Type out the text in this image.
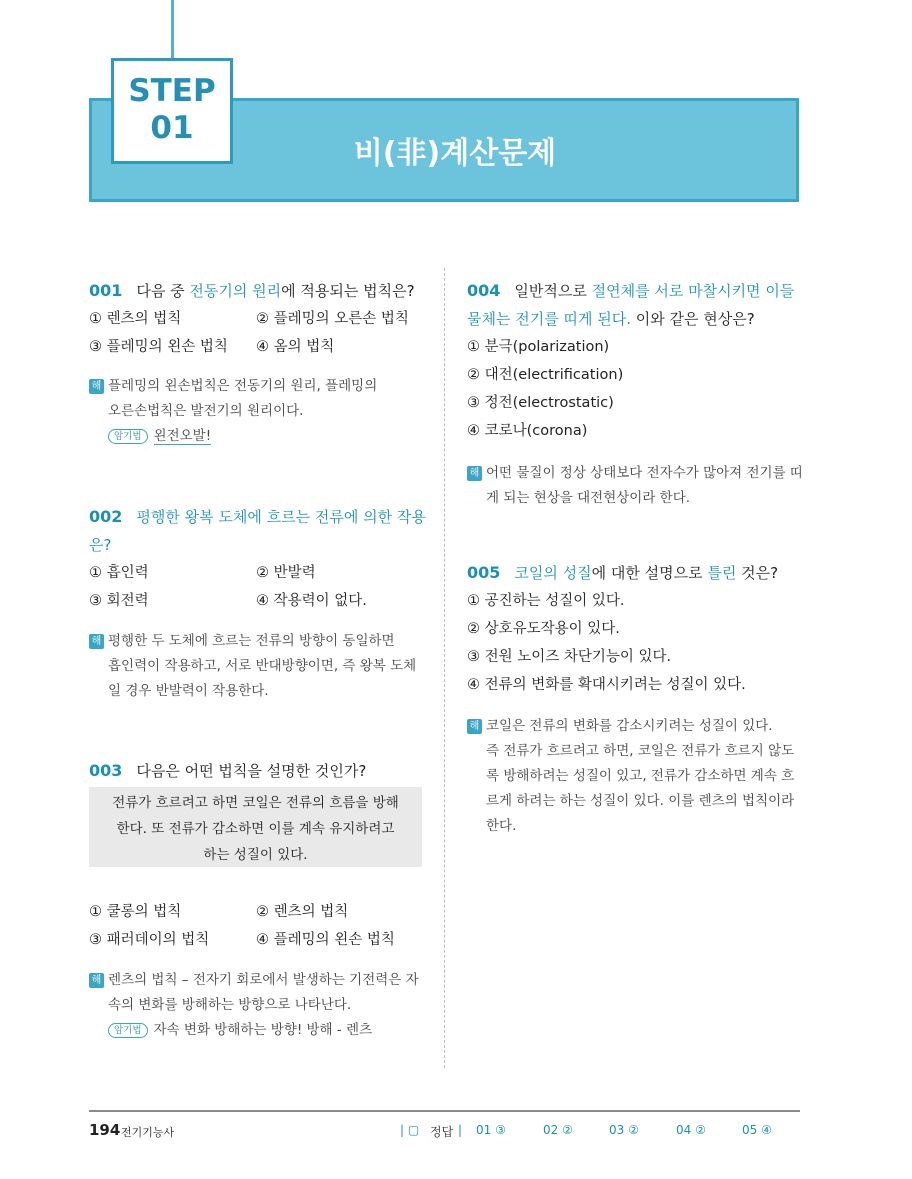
STEP
01
비(非)계산문제
001 다음 중 전동기의 원리에 적용되는 법칙은?
① 렌츠의 법칙	② 플레밍의 오른손 법칙
③ 플레밍의 왼손 법칙 ④ 옴의 법칙
해 플레밍의 왼손법칙은 전동기의 원리, 플레밍의
오른손법칙은 발전기의 원리이다.
암기법 왼전오발!
002 평행한 왕복 도체에 흐르는 전류에 의한 작용
은?
① 흡인력	② 반발력
③ 회전력	④ 작용력이 없다.
해 평행한 두 도체에 흐르는 전류의 방향이 동일하면
흡인력이 작용하고, 서로 반대방향이면, 즉 왕복 도체
일 경우 반발력이 작용한다.
003 다음은 어떤 법칙을 설명한 것인가?
전류가 흐르려고 하면 코일은 전류의 흐름을 방해
한다. 또 전류가 감소하면 이를 계속 유지하려고
하는 성질이 있다.
① 쿨롱의 법칙	② 렌츠의 법칙
③ 패러데이의 법칙	④ 플레밍의 왼손 법칙
해 렌츠의 법칙 – 전자기 회로에서 발생하는 기전력은 자
속의 변화를 방해하는 방향으로 나타난다.
암기법 자속 변화 방해하는 방향! 방해 - 렌츠
004 일반적으로 절연체를 서로 마찰시키면 이들
물체는 전기를 띠게 된다. 이와 같은 현상은?
① 분극(polarization)
② 대전(electrification)
③ 정전(electrostatic)
④ 코로나(corona)
해 어떤 물질이 정상 상태보다 전자수가 많아져 전기를 띠
게 되는 현상을 대전현상이라 한다.
005 코일의 성질에 대한 설명으로 틀린 것은?
① 공진하는 성질이 있다.
② 상호유도작용이 있다.
③ 전원 노이즈 차단기능이 있다.
④ 전류의 변화를 확대시키려는 성질이 있다.
해 코일은 전류의 변화를 감소시키려는 성질이 있다.
즉 전류가 흐르려고 하면, 코일은 전류가 흐르지 않도
록 방해하려는 성질이 있고, 전류가 감소하면 계속 흐
르게 하려는 하는 성질이 있다. 이를 렌츠의 법칙이라
한다.
194 전기기능사	| ▢ 정답 | 01 ③	02 ②	03 ②	04 ②	05 ④
